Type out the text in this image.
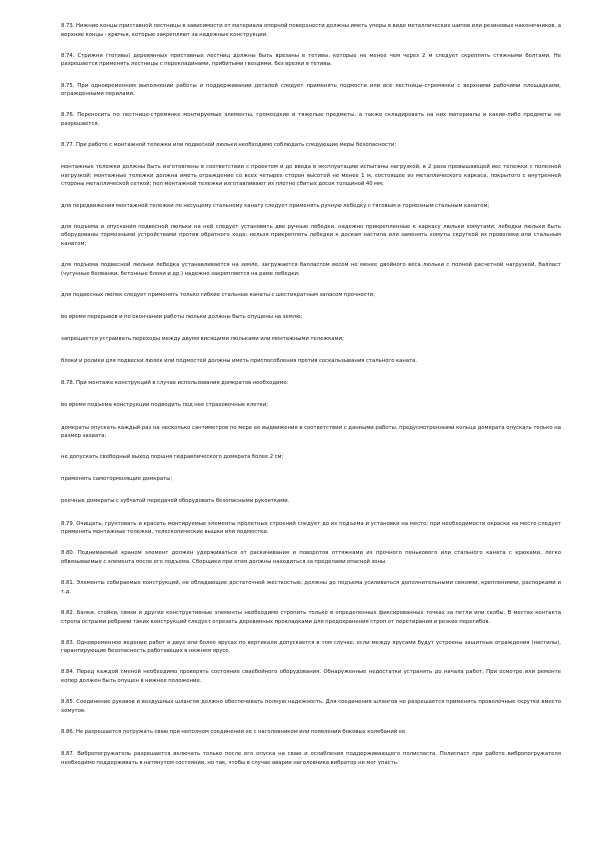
8.73. Нижние концы приставной лестницы в зависимости от материала опорной поверхности должны иметь упоры в виде металлических шипов или резиновых наконечников, а верхние концы - крючья, которые закрепляют за надежные конструкции.

8.74. Стрижни (тетивы) деревянных приставных лестниц должны быть врезаны в тетивы, которые не менее чем через 2 м следует скреплять стяжными болтами. Не разрешается применять лестницы с перекладинами, прибитыми гвоздями, без врезки в тетивы.

8.75. При одновременном выполнении работы и поддерживании деталей следует применять подмости или все лестницы-стремянки с верхними рабочими площадками, огражденными перилами.

8.76. Переносить по лестнице-стремянке монтируемые элементы, громоздкие и тяжелые предметы, а также складировать на них материалы и какие-либо предметы не разрешается.

8.77. При работе с монтажной тележки или подвесной люльки необходимо соблюдать следующие меры безопасности:

монтажные тележки должны быть изготовлены в соответствии с проектом и до ввода в эксплуатацию испытаны нагрузкой, в 2 раза превышающей вес тележки с полезной нагрузкой; монтажные тележки должна иметь ограждение со всех четырех сторон высотой не менее 1 м, состоящее из металлического каркаса, покрытого с внутренней стороны металлической сеткой; пол монтажной тележки изготавливают из плотно сбитых досок толщиной 40 мм;

для передвижения монтажной тележки по несущему стальному канату следует применять ручную лебедку с тяговым и тормозным стальным канатом;

для подъема и опускания подвесной люльки на ней следует установить две ручные лебедки, надежно прикрепленные к каркасу люльки хомутами; лебедки люльки быть оборудованы тормозными устройствами против обратного хода; нельзя прикреплять лебедки к доскам настила или заменять хомуты скруткой из проволоки или стальным канатом;

для подъема подвесной люльки лебедка устанавливается на земле, загружается балластом весом не менее двойного веса люльки с полной расчетной нагрузкой, балласт (чугунные болванки, бетонные блоки и др.) надежно закрепляется на раме лебедки;

для подвесных люлек следует применять только гибкие стальные канаты с шестикратным запасом прочности;

во время перерывов и по окончании работы люльки должны быть опущены на землю;

запрещается устраивать переходы между двумя висящими люльками или монтажными тележками;

блоки и ролики для подвески люлек или подмостей должны иметь приспособления против соскальзывания стального каната.

8.78. При монтаже конструкций в случае использования домкратов необходимо:

во время подъема конструкции подводить под нее страховочные клетки;

домкраты опускать каждый раз на несколько сантиметров по мере ее выдвижения в соответствии с данными работы, предусмотренными кольца домкрата опускать только на размер захвата;

не допускать свободный выход поршня гидравлического домкрата более 2 см;

применять самотормозящие домкраты;

реечные домкраты с зубчатой передачей оборудовать безопасными рукоятками.

8.79. Очищать, грунтовать и красить монтируемые элементы пролетных строений следует до их подъема и установки на место; при необходимости окраски на месте следует применять монтажные тележки, телескопические вышки или подмостки.

8.80. Поднимаемый краном элемент должен удерживаться от раскачивания и поворотов оттяжками из прочного пенькового или стального каната с крюками, легко обвязываемые с элемента после его подъема. Сборщики при этом должны находиться за пределами опасной зоны.

8.81. Элементы собираемых конструкций, не обладающие достаточной жесткостью, должны до подъема усиливаться дополнительными связями, креплениями, распорками и т.д.

8.82. Балки, стойки, связи и другие конструктивные элементы необходимо стропить только в определенных фиксированных точках за петли или скобы. В местах контакта стропа острыми ребрами таких конструкций следует отрезать деревянных прокладками для предохранения строп от перетирания и резких перегибов.

8.83. Одновременное ведение работ в двух или более ярусах по вертикали допускается в том случае, если между ярусами будут устроены защитные ограждения (настилы), гарантирующие безопасность работающих в нижнем ярусе.

8.84. Перед каждой сменой необходимо проверять состояние сваебойного оборудования. Обнаруженные недостатки устранять до начала работ. При осмотре или ремонте копер должен быть опущен в нижнее положение.

8.85. Соединение рукавов и воздушных шлангов должно обеспечивать полную надежность. Для соединения шлангов не разрешается применять проволочные скрутки вместо хомутов.

8.86. Не разрешается погружать сваю при неполном соединении ее с наголовником или появлении боковых колебаний ее.

8.87. Вибропогружатель разрешается включать только после его опуска на сваю и ослабления поддерживающего полиспаста. Полиспаст при работе вибропогружателя необходимо поддерживать в натянутом состоянии, но так, чтобы в случае аварии наголовника вибратор не мог упасть.
